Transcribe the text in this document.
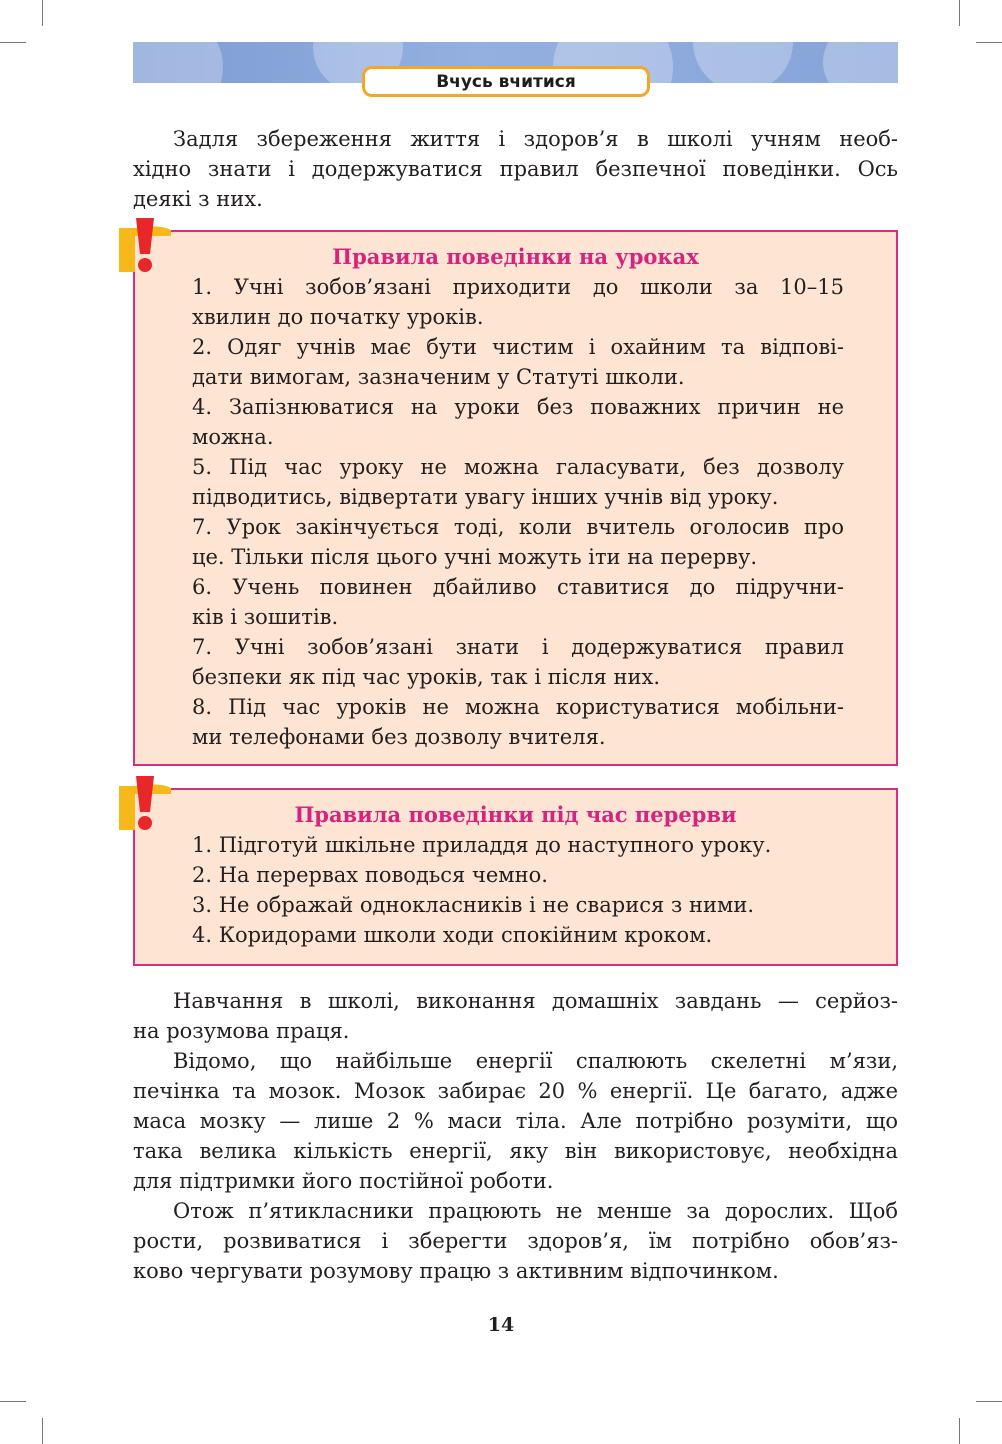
Вчусь вчитися
Задля збереження життя і здоров’я в школі учням необ-
хідно знати і додержуватися правил безпечної поведінки. Ось
деякі з них.
Правила поведінки на уроках
1. Учні зобов’язані приходити до школи за 10–15
хвилин до початку уроків.
2. Одяг учнів має бути чистим і охайним та відпові-
дати вимогам, зазначеним у Статуті школи.
4. Запізнюватися на уроки без поважних причин не
можна.
5. Під час уроку не можна галасувати, без дозволу
підводитись, відвертати увагу інших учнів від уроку.
7. Урок закінчується тоді, коли вчитель оголосив про
це. Тільки після цього учні можуть іти на перерву.
6. Учень повинен дбайливо ставитися до підручни-
ків і зошитів.
7. Учні зобов’язані знати і додержуватися правил
безпеки як під час уроків, так і після них.
8. Під час уроків не можна користуватися мобільни-
ми телефонами без дозволу вчителя.
Правила поведінки під час перерви
1. Підготуй шкільне приладдя до наступного уроку.
2. На перервах поводься чемно.
3. Не ображай однокласників і не сварися з ними.
4. Коридорами школи ходи спокійним кроком.
Навчання в школі, виконання домашніх завдань — серйоз-
на розумова праця.
Відомо, що найбільше енергії спалюють скелетні м’язи,
печінка та мозок. Мозок забирає 20 % енергії. Це багато, адже
маса мозку — лише 2 % маси тіла. Але потрібно розуміти, що
така велика кількість енергії, яку він використовує, необхідна
для підтримки його постійної роботи.
Отож п’ятикласники працюють не менше за дорослих. Щоб
рости, розвиватися і зберегти здоров’я, їм потрібно обов’яз-
ково чергувати розумову працю з активним відпочинком.
14
